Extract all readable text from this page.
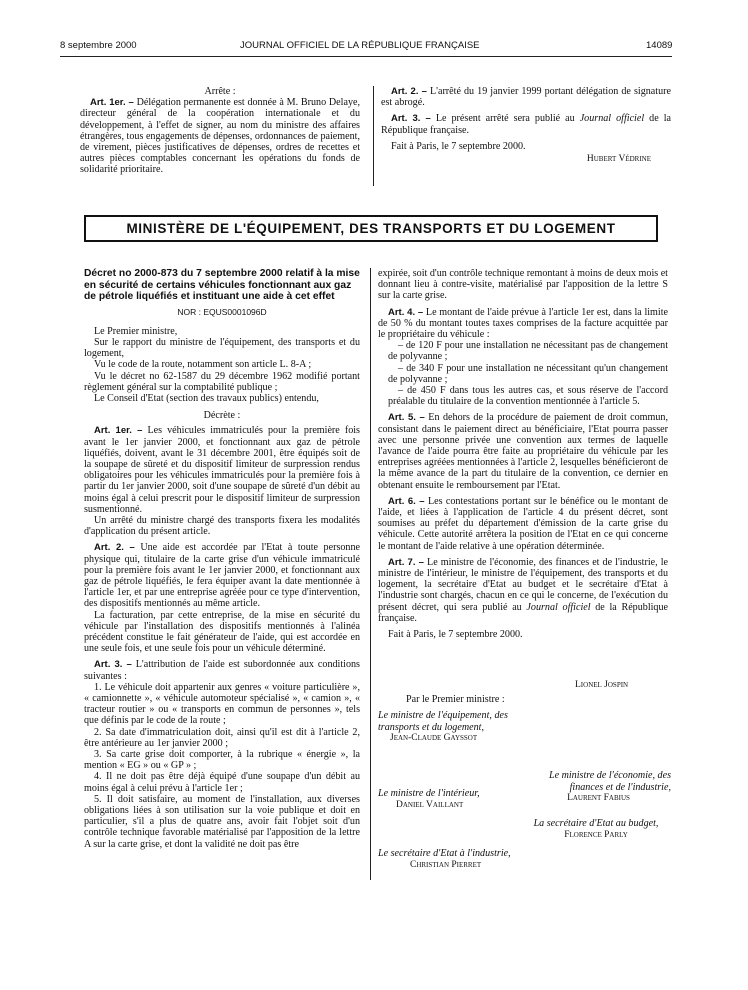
8 septembre 2000	JOURNAL OFFICIEL DE LA RÉPUBLIQUE FRANÇAISE	14089

Arrête :

Art. 1er. – Délégation permanente est donnée à M. Bruno Delaye, directeur général de la coopération internationale et du développement, à l'effet de signer, au nom du ministre des affaires étrangères, tous engagements de dépenses, ordonnances de paiement, de virement, pièces justificatives de dépenses, ordres de recettes et autres pièces comptables concernant les opérations du fonds de solidarité prioritaire.

Art. 2. – L'arrêté du 19 janvier 1999 portant délégation de signature est abrogé.

Art. 3. – Le présent arrêté sera publié au Journal officiel de la République française.

Fait à Paris, le 7 septembre 2000.

Hubert Védrine

MINISTÈRE DE L'ÉQUIPEMENT, DES TRANSPORTS ET DU LOGEMENT
Décret no 2000-873 du 7 septembre 2000 relatif à la mise en sécurité de certains véhicules fonctionnant aux gaz de pétrole liquéfiés et instituant une aide à cet effet

NOR : EQUS0001096D

Le Premier ministre,

Sur le rapport du ministre de l'équipement, des transports et du logement,

Vu le code de la route, notamment son article L. 8-A ;

Vu le décret no 62-1587 du 29 décembre 1962 modifié portant règlement général sur la comptabilité publique ;

Le Conseil d'Etat (section des travaux publics) entendu,

Décrète :

Art. 1er. – Les véhicules immatriculés pour la première fois avant le 1er janvier 2000, et fonctionnant aux gaz de pétrole liquéfiés, doivent, avant le 31 décembre 2001, être équipés soit de la soupape de sûreté et du dispositif limiteur de surpression rendus obligatoires pour les véhicules immatriculés pour la première fois à partir du 1er janvier 2000, soit d'une soupape de sûreté d'un débit au moins égal à celui prescrit pour le dispositif limiteur de surpression susmentionné.

Un arrêté du ministre chargé des transports fixera les modalités d'application du présent article.

Art. 2. – Une aide est accordée par l'Etat à toute personne physique qui, titulaire de la carte grise d'un véhicule immatriculé pour la première fois avant le 1er janvier 2000, et fonctionnant aux gaz de pétrole liquéfiés, le fera équiper avant la date mentionnée à l'article 1er, et par une entreprise agréée pour ce type d'intervention, des dispositifs mentionnés au même article.

La facturation, par cette entreprise, de la mise en sécurité du véhicule par l'installation des dispositifs mentionnés à l'alinéa précédent constitue le fait générateur de l'aide, qui est accordée en une seule fois, et une seule fois pour un véhicule déterminé.

Art. 3. – L'attribution de l'aide est subordonnée aux conditions suivantes :

1. Le véhicule doit appartenir aux genres « voiture particulière », « camionnette », « véhicule automoteur spécialisé », « camion », « tracteur routier » ou « transports en commun de personnes », tels que définis par le code de la route ;

2. Sa date d'immatriculation doit, ainsi qu'il est dit à l'article 2, être antérieure au 1er janvier 2000 ;

3. Sa carte grise doit comporter, à la rubrique « énergie », la mention « EG » ou « GP » ;

4. Il ne doit pas être déjà équipé d'une soupape d'un débit au moins égal à celui prévu à l'article 1er ;

5. Il doit satisfaire, au moment de l'installation, aux diverses obligations liées à son utilisation sur la voie publique et doit en particulier, s'il a plus de quatre ans, avoir fait l'objet soit d'un contrôle technique favorable matérialisé par l'apposition de la lettre A sur la carte grise, et dont la validité ne doit pas être

expirée, soit d'un contrôle technique remontant à moins de deux mois et donnant lieu à contre-visite, matérialisé par l'apposition de la lettre S sur la carte grise.

Art. 4. – Le montant de l'aide prévue à l'article 1er est, dans la limite de 50 % du montant toutes taxes comprises de la facture acquittée par le propriétaire du véhicule :

– de 120 F pour une installation ne nécessitant pas de changement de polyvanne ;

– de 340 F pour une installation ne nécessitant qu'un changement de polyvanne ;

– de 450 F dans tous les autres cas, et sous réserve de l'accord préalable du titulaire de la convention mentionnée à l'article 5.

Art. 5. – En dehors de la procédure de paiement de droit commun, consistant dans le paiement direct au bénéficiaire, l'Etat pourra passer avec une personne privée une convention aux termes de laquelle l'avance de l'aide pourra être faite au propriétaire du véhicule par les entreprises agréées mentionnées à l'article 2, lesquelles bénéficieront de la même avance de la part du titulaire de la convention, ce dernier en obtenant ensuite le remboursement par l'Etat.

Art. 6. – Les contestations portant sur le bénéfice ou le montant de l'aide, et liées à l'application de l'article 4 du présent décret, sont soumises au préfet du département d'émission de la carte grise du véhicule. Cette autorité arrêtera la position de l'Etat en ce qui concerne le montant de l'aide relative à une opération déterminée.

Art. 7. – Le ministre de l'économie, des finances et de l'industrie, le ministre de l'intérieur, le ministre de l'équipement, des transports et du logement, la secrétaire d'Etat au budget et le secrétaire d'Etat à l'industrie sont chargés, chacun en ce qui le concerne, de l'exécution du présent décret, qui sera publié au Journal officiel de la République française.

Fait à Paris, le 7 septembre 2000.

Lionel Jospin
Par le Premier ministre :
Le ministre de l'équipement, des transports et du logement,
Jean-Claude Gayssot
Le ministre de l'économie, des finances et de l'industrie,
Laurent Fabius
Le ministre de l'intérieur,
Daniel Vaillant
La secrétaire d'Etat au budget,
Florence Parly
Le secrétaire d'Etat à l'industrie,
Christian Pierret
